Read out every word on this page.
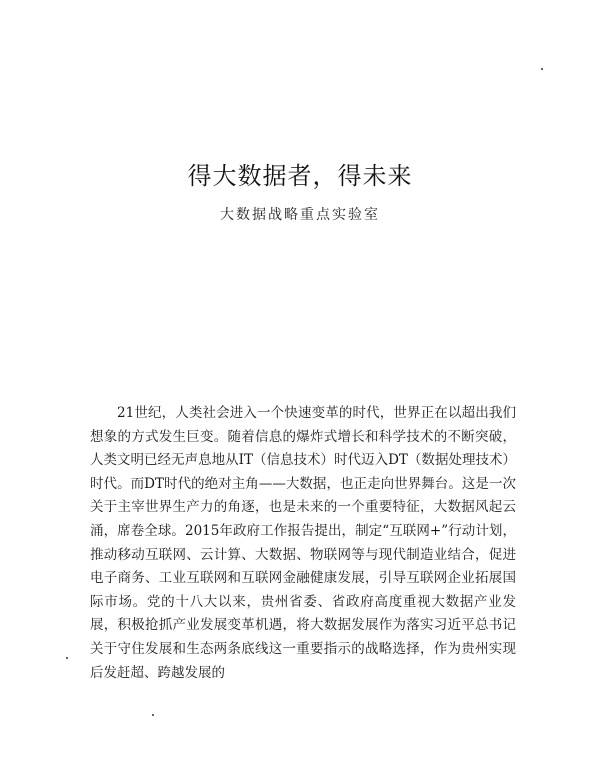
得大数据者，得未来

大数据战略重点实验室

21世纪，人类社会进入一个快速变革的时代，世界正在以超出我们想象的方式发生巨变。随着信息的爆炸式增长和科学技术的不断突破，人类文明已经无声息地从IT（信息技术）时代迈入DT（数据处理技术）时代。而DT时代的绝对主角——大数据，也正走向世界舞台。这是一次关于主宰世界生产力的角逐，也是未来的一个重要特征，大数据风起云涌，席卷全球。2015年政府工作报告提出，制定“互联网+”行动计划，推动移动互联网、云计算、大数据、物联网等与现代制造业结合，促进电子商务、工业互联网和互联网金融健康发展，引导互联网企业拓展国际市场。党的十八大以来，贵州省委、省政府高度重视大数据产业发展，积极抢抓产业发展变革机遇，将大数据发展作为落实习近平总书记关于守住发展和生态两条底线这一重要指示的战略选择，作为贵州实现后发赶超、跨越发展的
